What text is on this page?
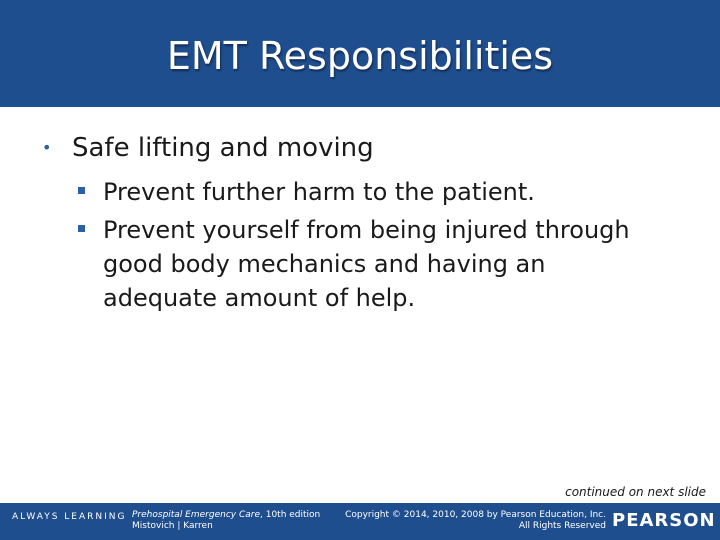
EMT Responsibilities
• Safe lifting and moving
Prevent further harm to the patient.
Prevent yourself from being injured through good body mechanics and having an adequate amount of help.
continued on next slide
ALWAYS LEARNING Prehospital Emergency Care, 10th edition
Mistovich | Karren
Copyright © 2014, 2010, 2008 by Pearson Education, Inc.
All Rights Reserved PEARSON
